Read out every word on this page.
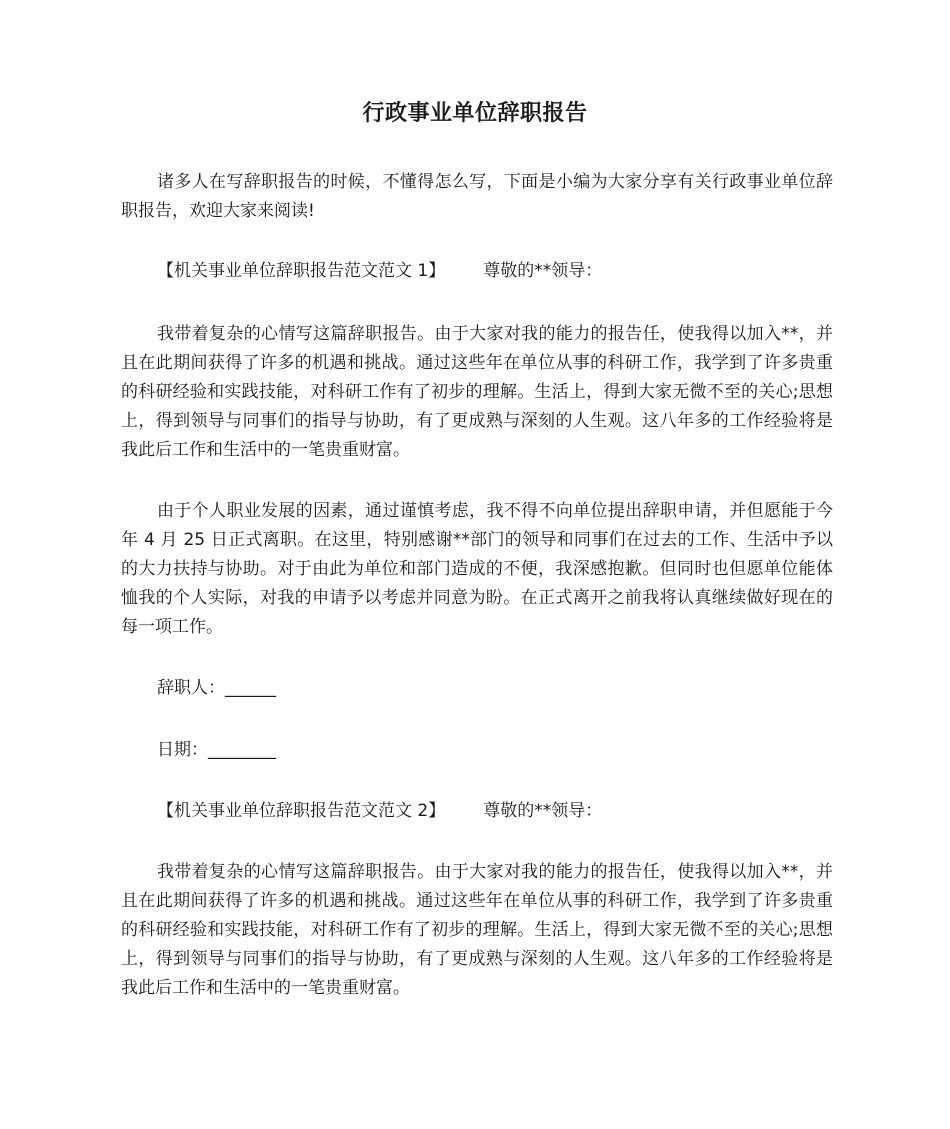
行政事业单位辞职报告
诸多人在写辞职报告的时候，不懂得怎么写，下面是小编为大家分享有关行政事业单位辞职报告，欢迎大家来阅读!
【机关事业单位辞职报告范文范文 1】 尊敬的**领导：
我带着复杂的心情写这篇辞职报告。由于大家对我的能力的报告任，使我得以加入**，并且在此期间获得了许多的机遇和挑战。通过这些年在单位从事的科研工作，我学到了许多贵重的科研经验和实践技能，对科研工作有了初步的理解。生活上，得到大家无微不至的关心;思想上，得到领导与同事们的指导与协助，有了更成熟与深刻的人生观。这八年多的工作经验将是我此后工作和生活中的一笔贵重财富。
由于个人职业发展的因素，通过谨慎考虑，我不得不向单位提出辞职申请，并但愿能于今年 4 月 25 日正式离职。在这里，特别感谢**部门的领导和同事们在过去的工作、生活中予以的大力扶持与协助。对于由此为单位和部门造成的不便，我深感抱歉。但同时也但愿单位能体恤我的个人实际，对我的申请予以考虑并同意为盼。在正式离开之前我将认真继续做好现在的每一项工作。
辞职人：______
日期：________
【机关事业单位辞职报告范文范文 2】 尊敬的**领导：
我带着复杂的心情写这篇辞职报告。由于大家对我的能力的报告任，使我得以加入**，并且在此期间获得了许多的机遇和挑战。通过这些年在单位从事的科研工作，我学到了许多贵重的科研经验和实践技能，对科研工作有了初步的理解。生活上，得到大家无微不至的关心;思想上，得到领导与同事们的指导与协助，有了更成熟与深刻的人生观。这八年多的工作经验将是我此后工作和生活中的一笔贵重财富。
